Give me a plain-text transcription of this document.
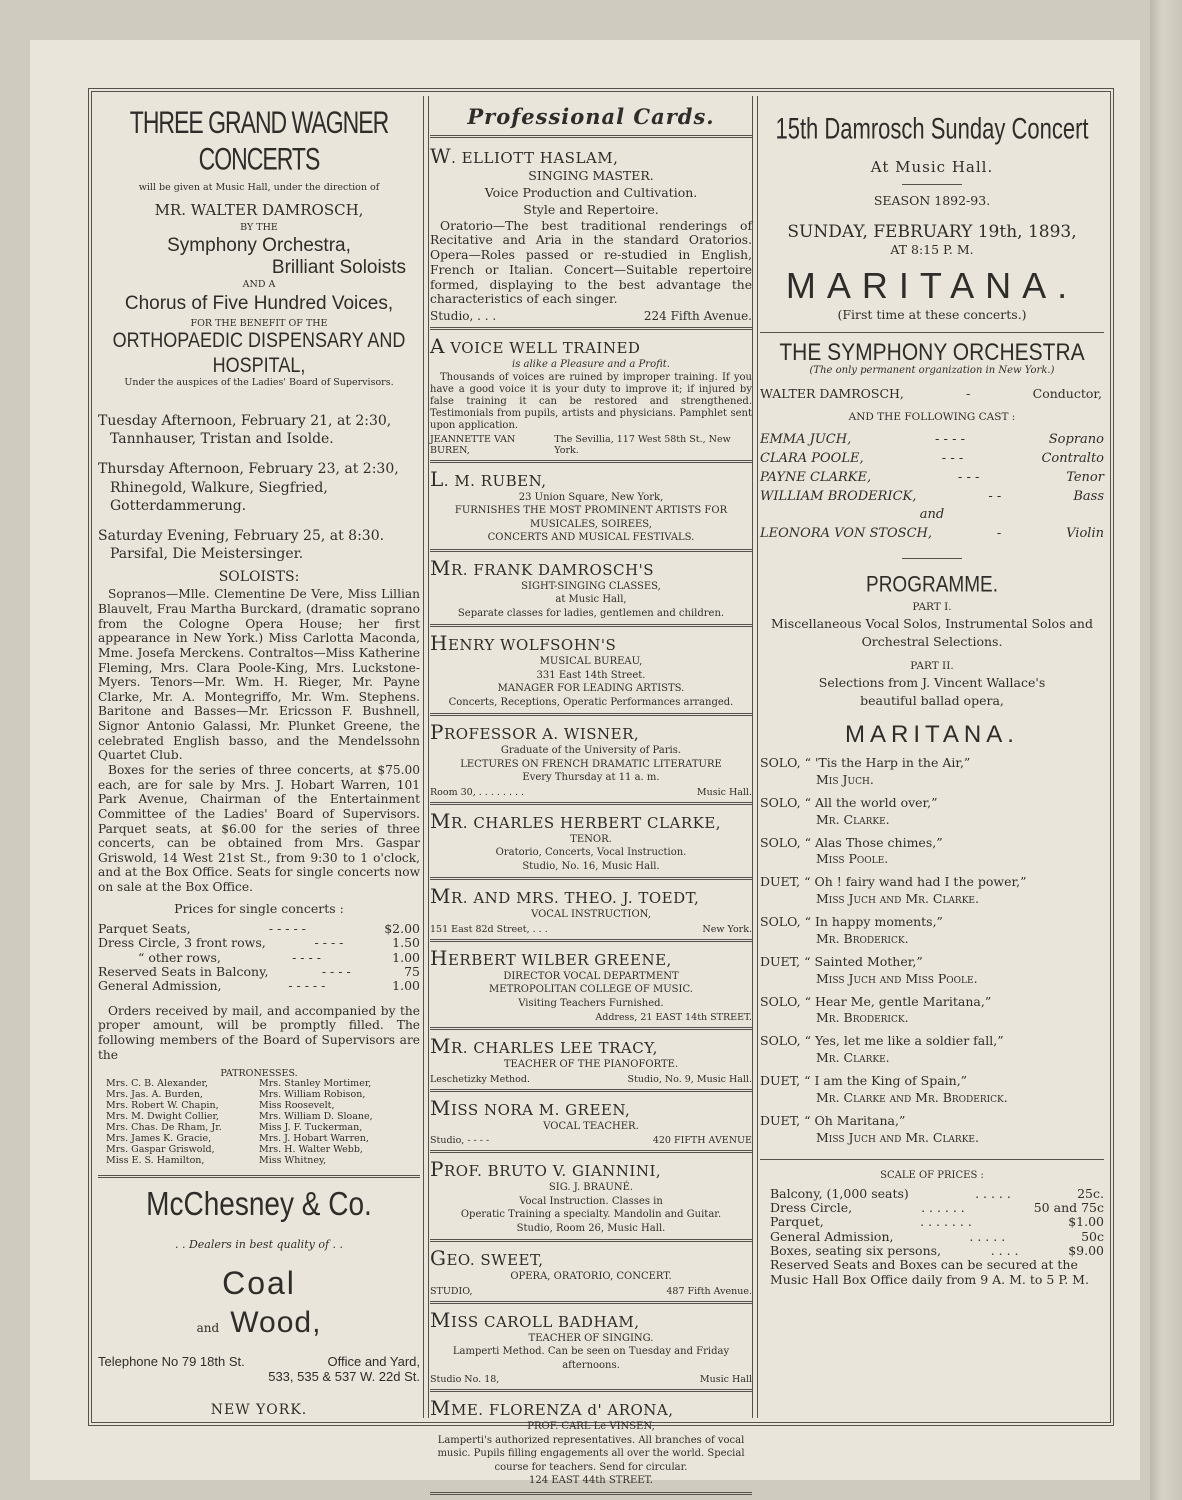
THREE GRAND WAGNER CONCERTS
will be given at Music Hall, under the direction of
MR. WALTER DAMROSCH,
BY THE
Symphony Orchestra,
Brilliant Soloists
AND A
Chorus of Five Hundred Voices,
FOR THE BENEFIT OF THE
ORTHOPAEDIC DISPENSARY AND HOSPITAL,
Under the auspices of the Ladies' Board of Supervisors.
Tuesday Afternoon, February 21, at 2:30,
Tannhauser, Tristan and Isolde.
Thursday Afternoon, February 23, at 2:30,
Rhinegold, Walkure, Siegfried, Gotterdammerung.
Saturday Evening, February 25, at 8:30.
Parsifal, Die Meistersinger.
SOLOISTS:
Sopranos—Mlle. Clementine De Vere, Miss Lillian Blauvelt, Frau Martha Burckard, (dramatic soprano from the Cologne Opera House; her first appearance in New York.) Miss Carlotta Maconda, Mme. Josefa Merckens. Contraltos—Miss Katherine Fleming, Mrs. Clara Poole-King, Mrs. Luckstone-Myers. Tenors—Mr. Wm. H. Rieger, Mr. Payne Clarke, Mr. A. Montegriffo, Mr. Wm. Stephens. Baritone and Basses—Mr. Ericsson F. Bushnell, Signor Antonio Galassi, Mr. Plunket Greene, the celebrated English basso, and the Mendelssohn Quartet Club.
Boxes for the series of three concerts, at $75.00 each, are for sale by Mrs. J. Hobart Warren, 101 Park Avenue, Chairman of the Entertainment Committee of the Ladies' Board of Supervisors. Parquet seats, at $6.00 for the series of three concerts, can be obtained from Mrs. Gaspar Griswold, 14 West 21st St., from 9:30 to 1 o'clock, and at the Box Office. Seats for single concerts now on sale at the Box Office.
Prices for single concerts :
Parquet Seats,	- - - - -	$2.00
Dress Circle, 3 front rows,	- - - -	1.50
“ other rows,	- - - -	1.00
Reserved Seats in Balcony,	- - - -	75
General Admission,	- - - - -	1.00
Orders received by mail, and accompanied by the proper amount, will be promptly filled. The following members of the Board of Supervisors are the
PATRONESSES.
Mrs. C. B. Alexander,	Mrs. Stanley Mortimer,
Mrs. Jas. A. Burden,	Mrs. William Robison,
Mrs. Robert W. Chapin,	Miss Roosevelt,
Mrs. M. Dwight Collier,	Mrs. William D. Sloane,
Mrs. Chas. De Rham, Jr.	Miss J. F. Tuckerman,
Mrs. James K. Gracie,	Mrs. J. Hobart Warren,
Mrs. Gaspar Griswold,	Mrs. H. Walter Webb,
Miss E. S. Hamilton,	Miss Whitney,
McChesney & Co.
. . Dealers in best quality of . .
Coal
and Wood,
Telephone No 79 18th St.	Office and Yard,
533, 535 & 537 W. 22d St.
NEW YORK.
Professional Cards.
W. ELLIOTT HASLAM,
SINGING MASTER.
Voice Production and Cultivation.
Style and Repertoire.
Oratorio—The best traditional renderings of Recitative and Aria in the standard Oratorios. Opera—Roles passed or re-studied in English, French or Italian. Concert—Suitable repertoire formed, displaying to the best advantage the characteristics of each singer.
Studio, . . .	224 Fifth Avenue.
A VOICE WELL TRAINED
is alike a Pleasure and a Profit.
Thousands of voices are ruined by improper training. If you have a good voice it is your duty to improve it; if injured by false training it can be restored and strengthened. Testimonials from pupils, artists and physicians. Pamphlet sent upon application.
JEANNETTE VAN BUREN,
The Sevillia, 117 West 58th St., New York.
L. M. RUBEN,
23 Union Square, New York,
FURNISHES THE MOST PROMINENT ARTISTS FOR
MUSICALES, SOIREES,
CONCERTS AND MUSICAL FESTIVALS.
MR. FRANK DAMROSCH'S
SIGHT-SINGING CLASSES,
at Music Hall,
Separate classes for ladies, gentlemen and children.
HENRY WOLFSOHN'S
MUSICAL BUREAU,
331 East 14th Street.
MANAGER FOR LEADING ARTISTS.
Concerts, Receptions, Operatic Performances arranged.
PROFESSOR A. WISNER,
Graduate of the University of Paris.
LECTURES ON FRENCH DRAMATIC LITERATURE
Every Thursday at 11 a. m.
Room 30, . . . . . . . .	Music Hall.
MR. CHARLES HERBERT CLARKE,
TENOR.
Oratorio, Concerts, Vocal Instruction.
Studio, No. 16, Music Hall.
MR. AND MRS. THEO. J. TOEDT,
VOCAL INSTRUCTION,
151 East 82d Street, . . .	New York.
HERBERT WILBER GREENE,
DIRECTOR VOCAL DEPARTMENT
METROPOLITAN COLLEGE OF MUSIC.
Visiting Teachers Furnished.
Address, 21 EAST 14th STREET.
MR. CHARLES LEE TRACY,
TEACHER OF THE PIANOFORTE.
Leschetizky Method.	Studio, No. 9, Music Hall.
MISS NORA M. GREEN,
VOCAL TEACHER.
Studio, - - - -	420 FIFTH AVENUE
PROF. BRUTO V. GIANNINI,
SIG. J. BRAUNÉ.
Vocal Instruction. Classes in
Operatic Training a specialty. Mandolin and Guitar.
Studio, Room 26, Music Hall.
GEO. SWEET,
OPERA, ORATORIO, CONCERT.
STUDIO,	487 Fifth Avenue.
MISS CAROLL BADHAM,
TEACHER OF SINGING.
Lamperti Method. Can be seen on Tuesday and Friday afternoons.
Studio No. 18,	Music Hall
MME. FLORENZA d' ARONA,
PROF. CARL Le VINSEN,
Lamperti's authorized representatives. All branches of vocal music. Pupils filling engagements all over the world. Special course for teachers. Send for circular.
124 EAST 44th STREET.
15th Damrosch Sunday Concert
At Music Hall.
SEASON 1892-93.
SUNDAY, FEBRUARY 19th, 1893,
AT 8:15 P. M.
MARITANA.
(First time at these concerts.)
THE SYMPHONY ORCHESTRA
(The only permanent organization in New York.)
WALTER DAMROSCH,	-	Conductor,
AND THE FOLLOWING CAST :
EMMA JUCH,	- - - -	Soprano
CLARA POOLE,	- - -	Contralto
PAYNE CLARKE,	- - -	Tenor
WILLIAM BRODERICK,	- -	Bass
and
LEONORA VON STOSCH,	-	Violin
PROGRAMME.
PART I.
Miscellaneous Vocal Solos, Instrumental Solos and Orchestral Selections.
PART II.
Selections from J. Vincent Wallace's beautiful ballad opera,
MARITANA.
SOLO, “ 'Tis the Harp in the Air,”
Mis Juch.
SOLO, “ All the world over,”
Mr. Clarke.
SOLO, “ Alas Those chimes,”
Miss Poole.
DUET, “ Oh ! fairy wand had I the power,”
Miss Juch and Mr. Clarke.
SOLO, “ In happy moments,”
Mr. Broderick.
DUET, “ Sainted Mother,”
Miss Juch and Miss Poole.
SOLO, “ Hear Me, gentle Maritana,”
Mr. Broderick.
SOLO, “ Yes, let me like a soldier fall,”
Mr. Clarke.
DUET, “ I am the King of Spain,”
Mr. Clarke and Mr. Broderick.
DUET, “ Oh Maritana,”
Miss Juch and Mr. Clarke.
SCALE OF PRICES :
Balcony, (1,000 seats)	. . . . .	25c.
Dress Circle,	. . . . . .	50 and 75c
Parquet,	. . . . . . .	$1.00
General Admission,	. . . . .	50c
Boxes, seating six persons,	. . . .	$9.00
Reserved Seats and Boxes can be secured at the Music Hall Box Office daily from 9 A. M. to 5 P. M.
